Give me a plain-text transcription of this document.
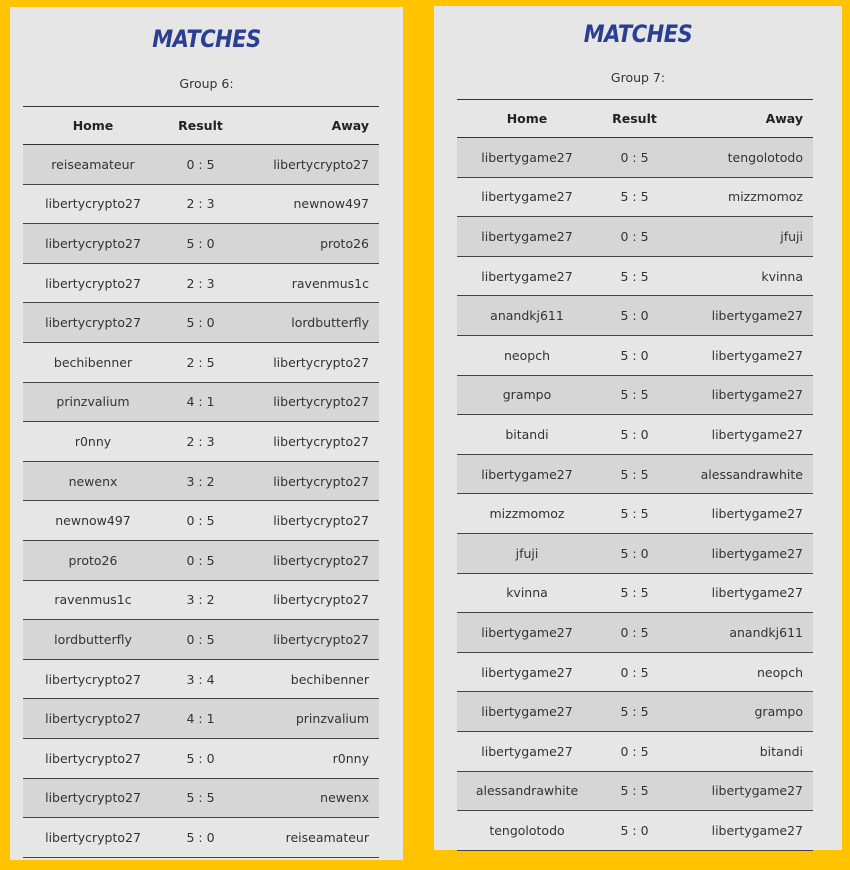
MATCHES
Group 6:
Home	Result	Away
reiseamateur	0 : 5	libertycrypto27
libertycrypto27	2 : 3	newnow497
libertycrypto27	5 : 0	proto26
libertycrypto27	2 : 3	ravenmus1c
libertycrypto27	5 : 0	lordbutterfly
bechibenner	2 : 5	libertycrypto27
prinzvalium	4 : 1	libertycrypto27
r0nny	2 : 3	libertycrypto27
newenx	3 : 2	libertycrypto27
newnow497	0 : 5	libertycrypto27
proto26	0 : 5	libertycrypto27
ravenmus1c	3 : 2	libertycrypto27
lordbutterfly	0 : 5	libertycrypto27
libertycrypto27	3 : 4	bechibenner
libertycrypto27	4 : 1	prinzvalium
libertycrypto27	5 : 0	r0nny
libertycrypto27	5 : 5	newenx
libertycrypto27	5 : 0	reiseamateur
MATCHES
Group 7:
Home	Result	Away
libertygame27	0 : 5	tengolotodo
libertygame27	5 : 5	mizzmomoz
libertygame27	0 : 5	jfuji
libertygame27	5 : 5	kvinna
anandkj611	5 : 0	libertygame27
neopch	5 : 0	libertygame27
grampo	5 : 5	libertygame27
bitandi	5 : 0	libertygame27
libertygame27	5 : 5	alessandrawhite
mizzmomoz	5 : 5	libertygame27
jfuji	5 : 0	libertygame27
kvinna	5 : 5	libertygame27
libertygame27	0 : 5	anandkj611
libertygame27	0 : 5	neopch
libertygame27	5 : 5	grampo
libertygame27	0 : 5	bitandi
alessandrawhite	5 : 5	libertygame27
tengolotodo	5 : 0	libertygame27
